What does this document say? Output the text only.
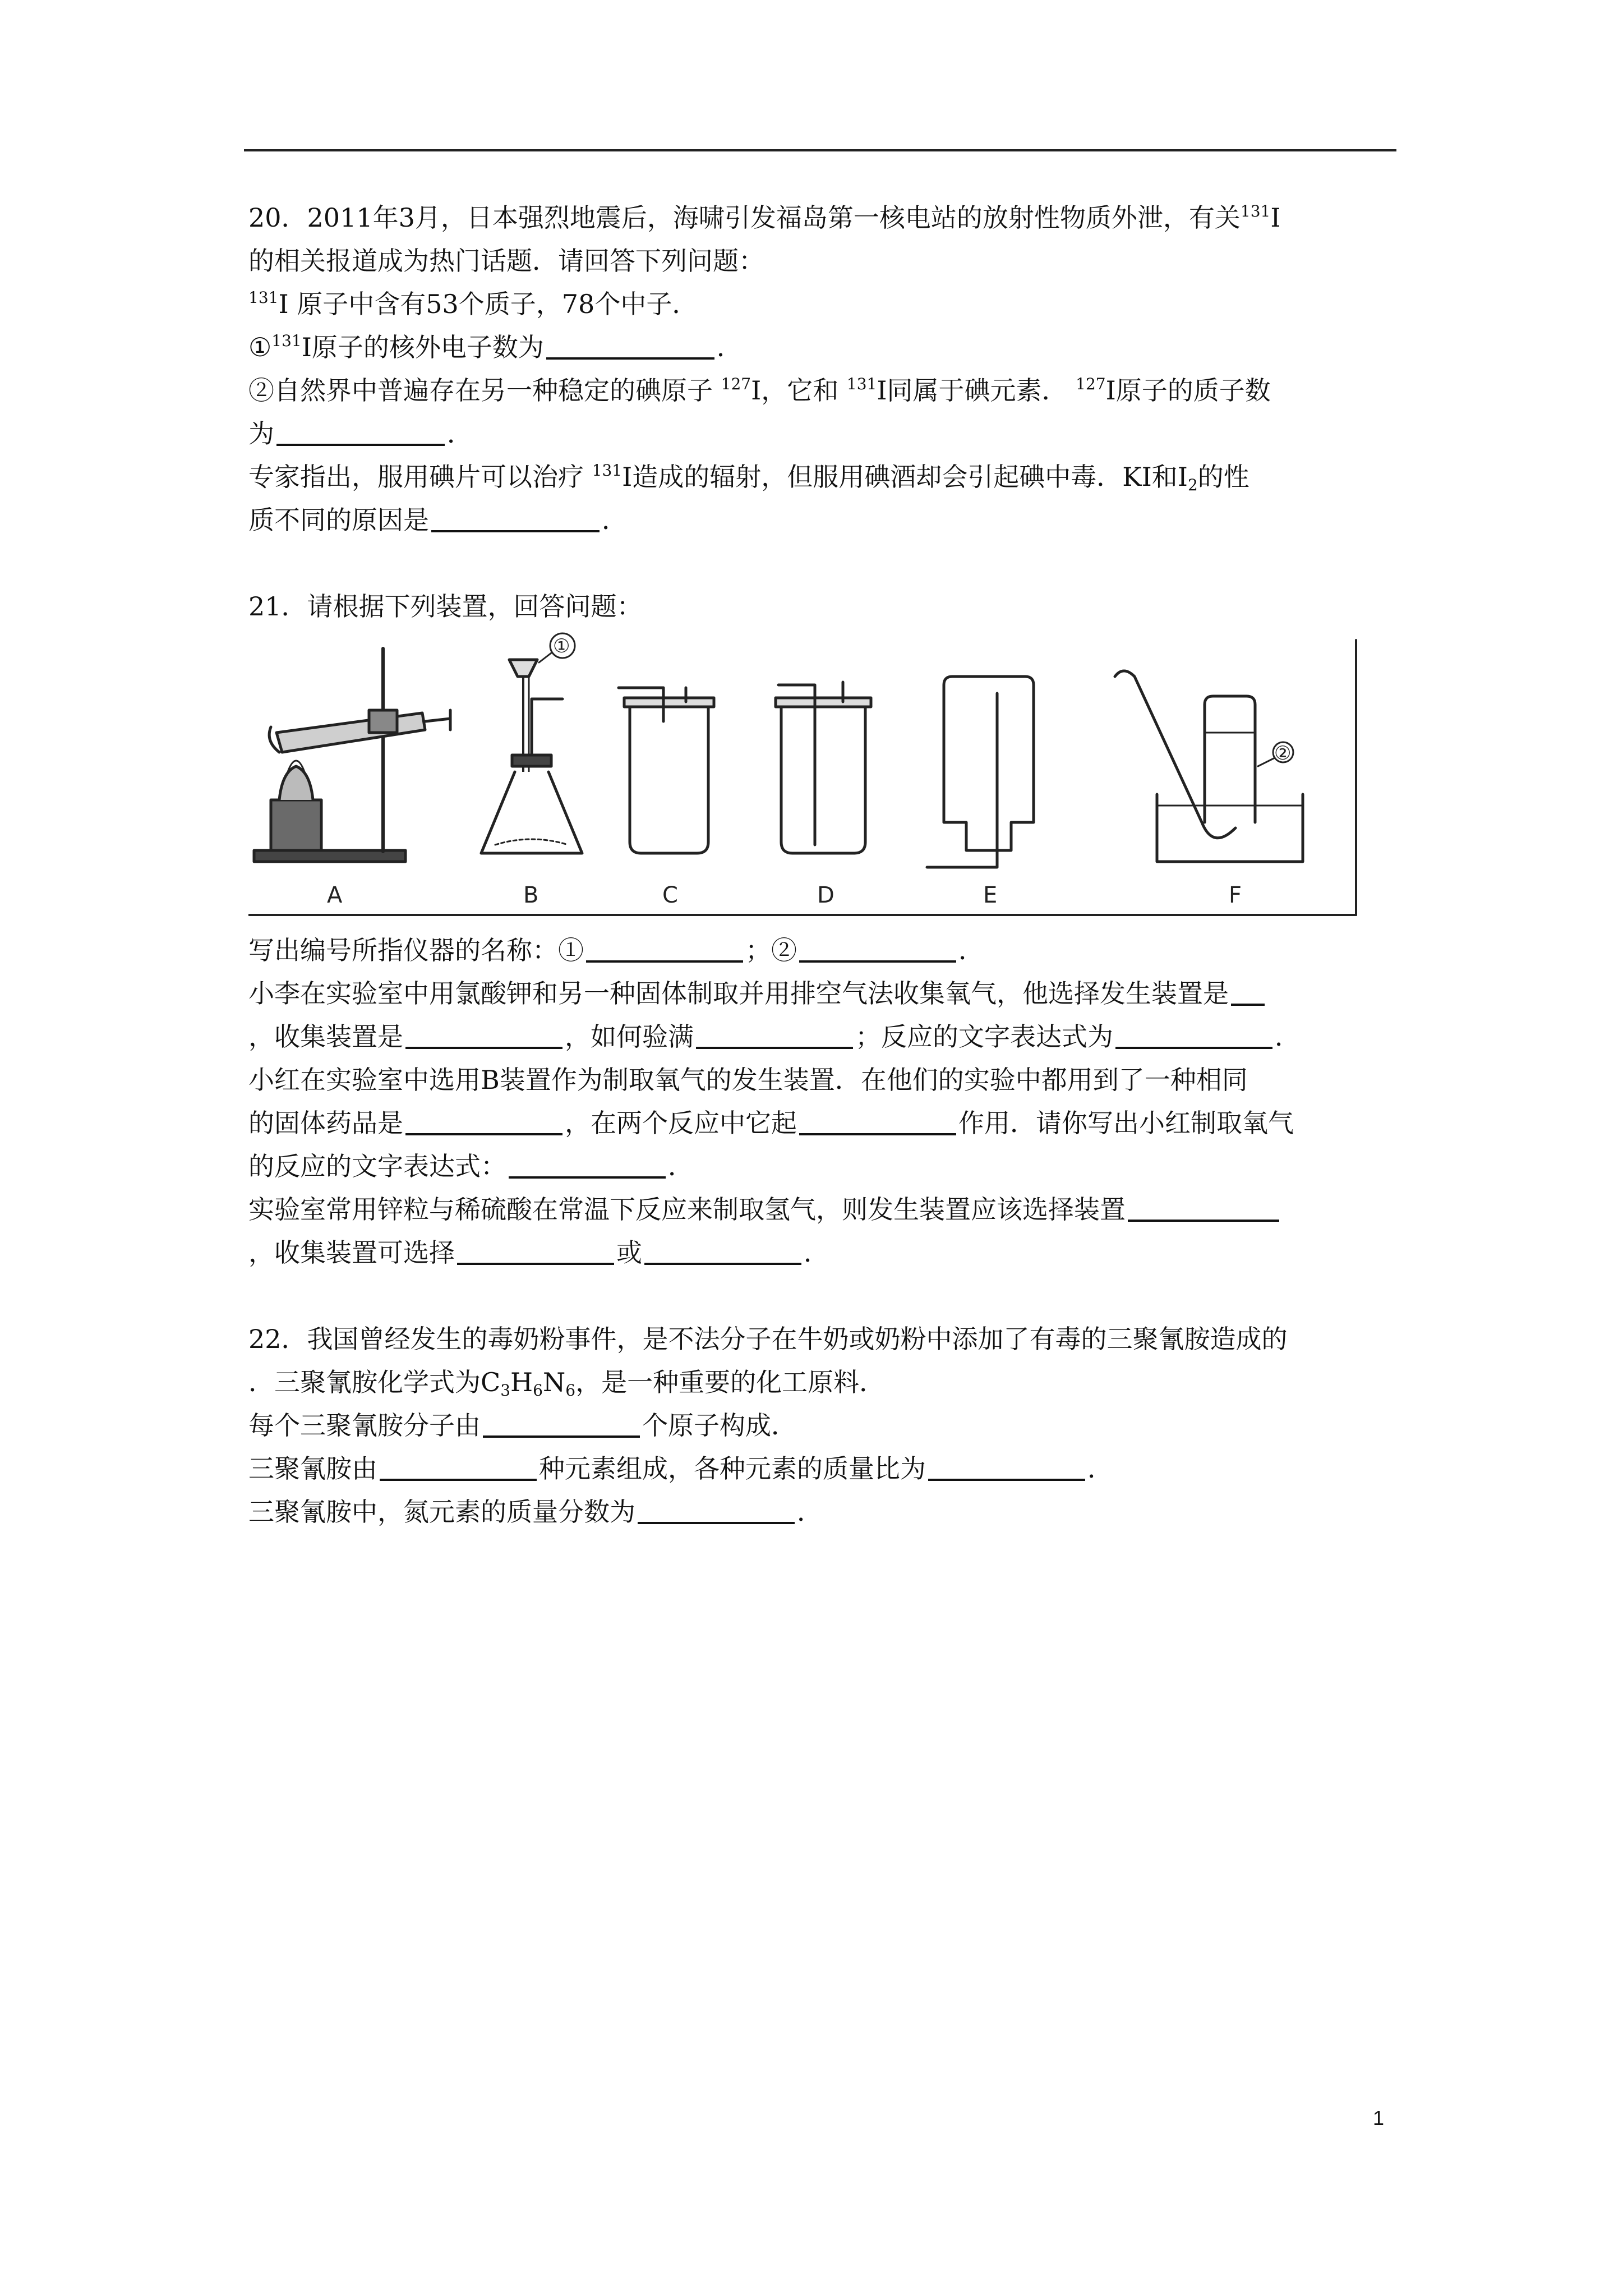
20．2011年3月，日本强烈地震后，海啸引发福岛第一核电站的放射性物质外泄，有关$^{131}$I

的相关报道成为热门话题．请回答下列问题：

$^{131}$I 原子中含有53个质子，78个中子．

①$^{131}$I原子的核外电子数为	．

②自然界中普遍存在另一种稳定的碘原子 $^{127}$I，它和 $^{131}$I同属于碘元素． $^{127}$I原子的质子数

为	．

专家指出，服用碘片可以治疗 $^{131}$I造成的辐射，但服用碘酒却会引起碘中毒．KI和$I_2$的性

质不同的原因是	．

21．请根据下列装置，回答问题：

A	B	C	D	E	F
①
②

写出编号所指仪器的名称：①	；②	．

小李在实验室中用氯酸钾和另一种固体制取并用排空气法收集氧气，他选择发生装置是

，收集装置是	，如何验满	；反应的文字表达式为	．

小红在实验室中选用B装置作为制取氧气的发生装置．在他们的实验中都用到了一种相同

的固体药品是	，在两个反应中它起	作用．请你写出小红制取氧气

的反应的文字表达式：	．

实验室常用锌粒与稀硫酸在常温下反应来制取氢气，则发生装置应该选择装置

，收集装置可选择	或	．

22．我国曾经发生的毒奶粉事件，是不法分子在牛奶或奶粉中添加了有毒的三聚氰胺造成的

．三聚氰胺化学式为$C_3H_6N_6$，是一种重要的化工原料．

每个三聚氰胺分子由	个原子构成．

三聚氰胺由	种元素组成，各种元素的质量比为	．

三聚氰胺中，氮元素的质量分数为	．

1
